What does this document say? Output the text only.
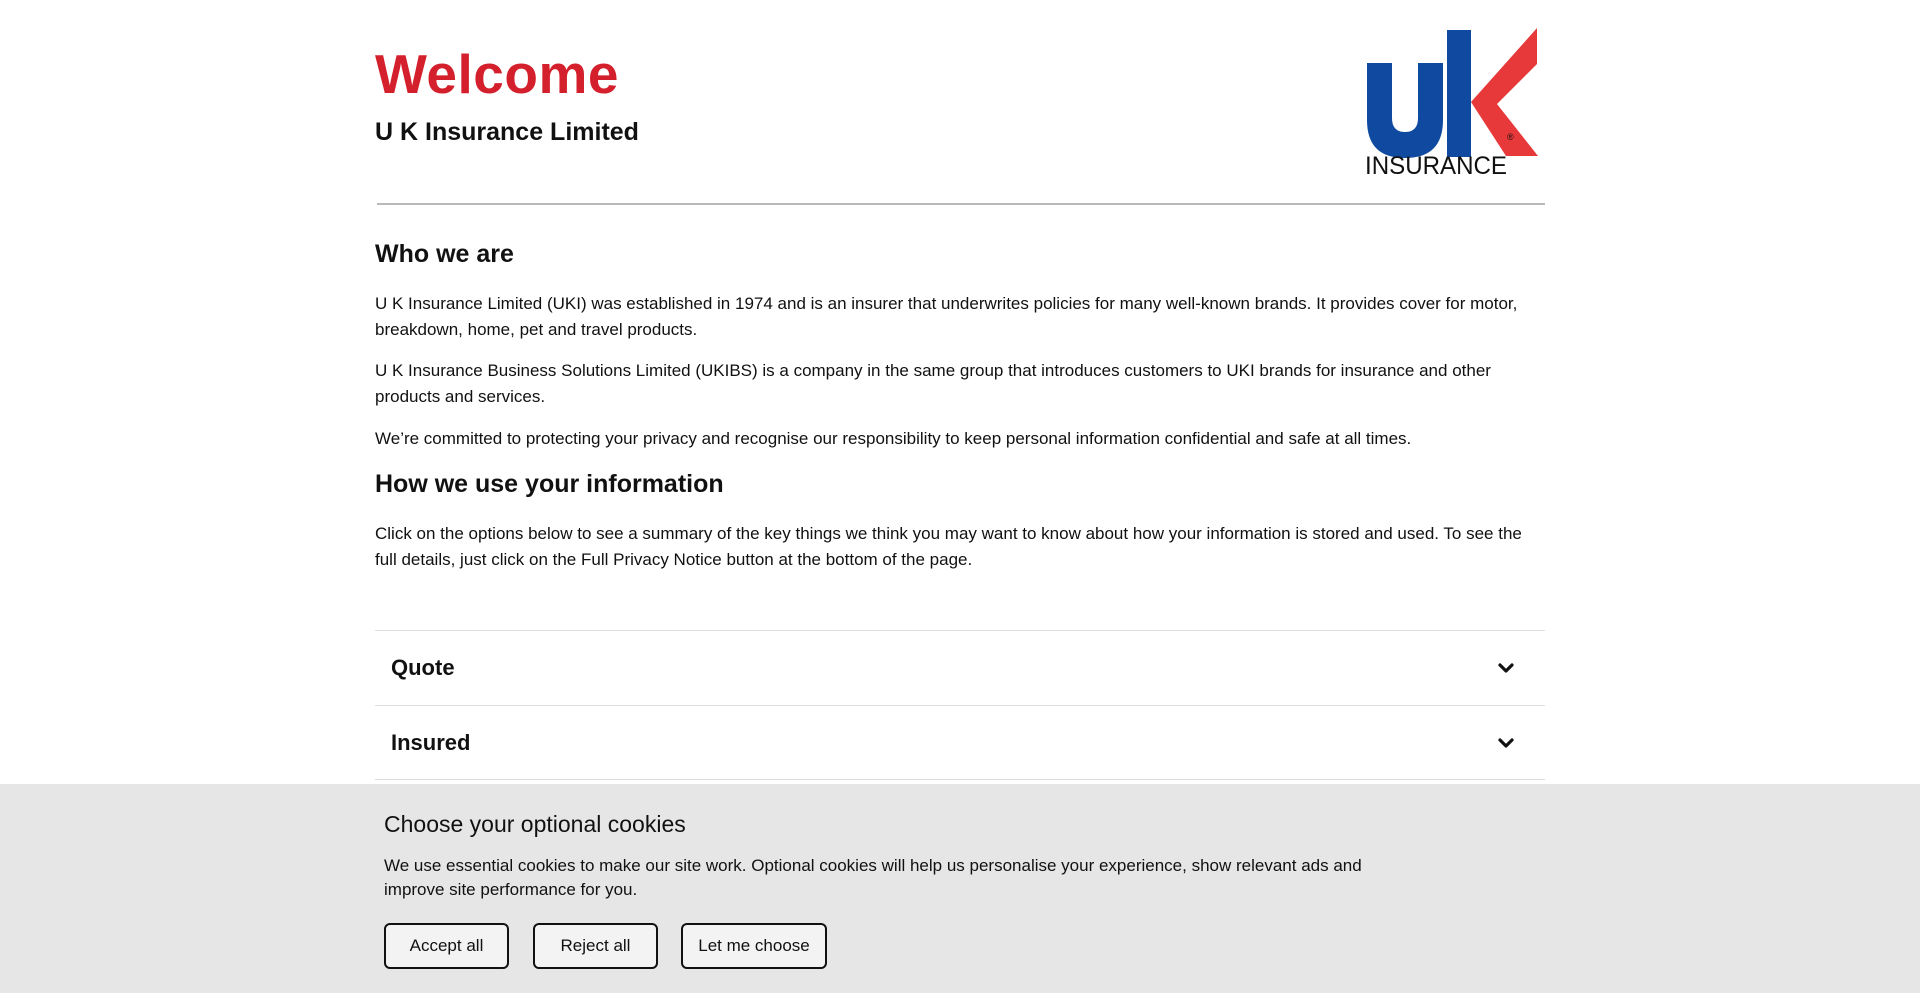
Welcome
U K Insurance Limited	®
INSURANCE
Who we are

U K Insurance Limited (UKI) was established in 1974 and is an insurer that underwrites policies for many well-known brands. It provides cover for motor, breakdown, home, pet and travel products.

U K Insurance Business Solutions Limited (UKIBS) is a company in the same group that introduces customers to UKI brands for insurance and other products and services.

We’re committed to protecting your privacy and recognise our responsibility to keep personal information confidential and safe at all times.

How we use your information

Click on the options below to see a summary of the key things we think you may want to know about how your information is stored and used. To see the full details, just click on the Full Privacy Notice button at the bottom of the page.

Quote
Insured
Choose your optional cookies

We use essential cookies to make our site work. Optional cookies will help us personalise your experience, show relevant ads and improve site performance for you.

Accept all	Reject all	Let me choose
